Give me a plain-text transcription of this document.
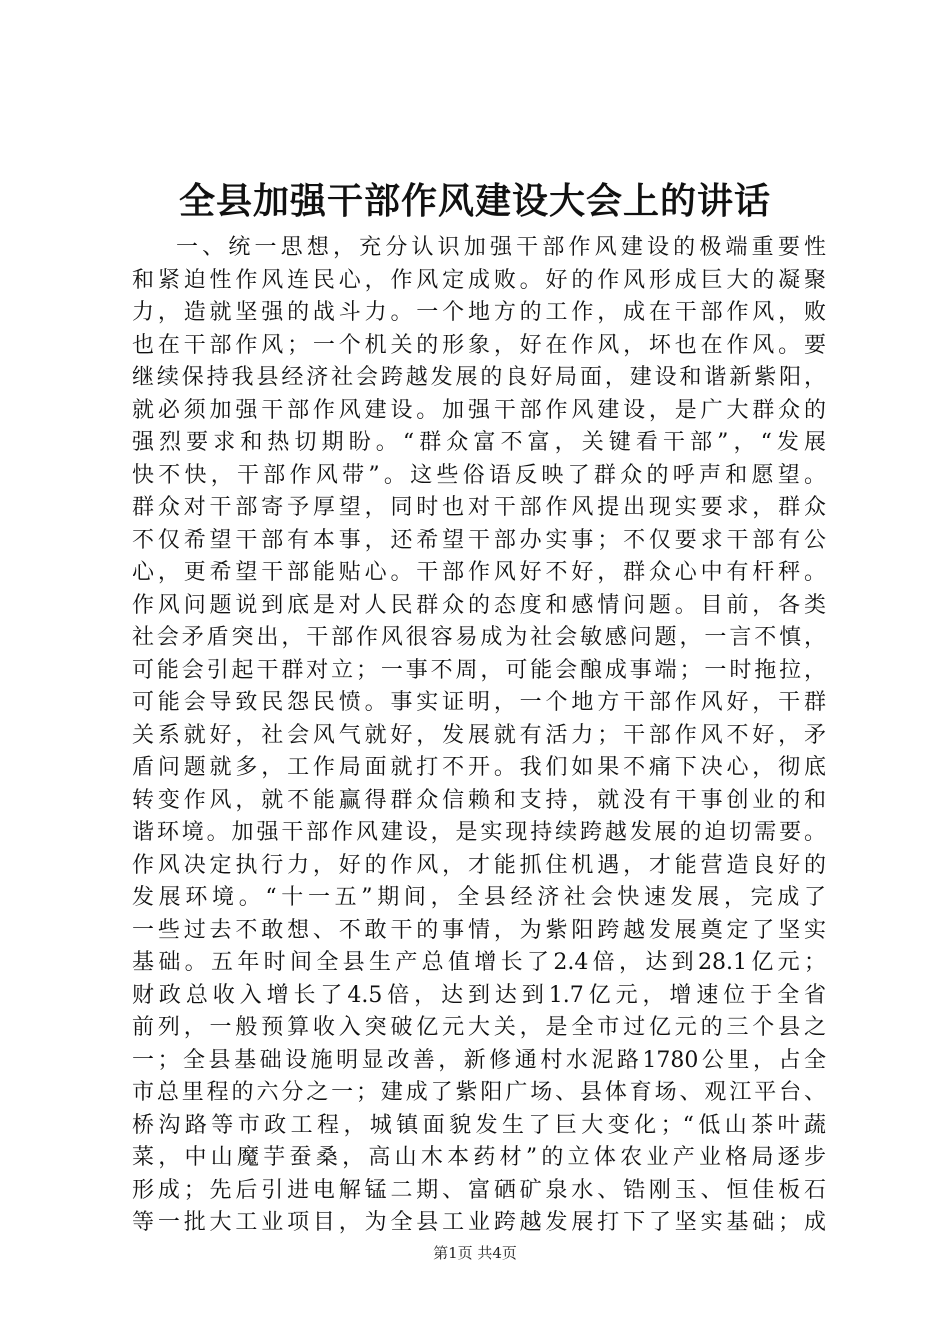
全县加强干部作风建设大会上的讲话
一、统一思想，充分认识加强干部作风建设的极端重要性
和紧迫性作风连民心，作风定成败。好的作风形成巨大的凝聚
力，造就坚强的战斗力。一个地方的工作，成在干部作风，败
也在干部作风；一个机关的形象，好在作风，坏也在作风。要
继续保持我县经济社会跨越发展的良好局面，建设和谐新紫阳，
就必须加强干部作风建设。加强干部作风建设，是广大群众的
强烈要求和热切期盼。“群众富不富，关键看干部”，“发展
快不快，干部作风带”。这些俗语反映了群众的呼声和愿望。
群众对干部寄予厚望，同时也对干部作风提出现实要求，群众
不仅希望干部有本事，还希望干部办实事；不仅要求干部有公
心，更希望干部能贴心。干部作风好不好，群众心中有杆秤。
作风问题说到底是对人民群众的态度和感情问题。目前，各类
社会矛盾突出，干部作风很容易成为社会敏感问题，一言不慎，
可能会引起干群对立；一事不周，可能会酿成事端；一时拖拉，
可能会导致民怨民愤。事实证明，一个地方干部作风好，干群
关系就好，社会风气就好，发展就有活力；干部作风不好，矛
盾问题就多，工作局面就打不开。我们如果不痛下决心，彻底
转变作风，就不能赢得群众信赖和支持，就没有干事创业的和
谐环境。加强干部作风建设，是实现持续跨越发展的迫切需要。
作风决定执行力，好的作风，才能抓住机遇，才能营造良好的
发展环境。“十一五”期间，全县经济社会快速发展，完成了
一些过去不敢想、不敢干的事情，为紫阳跨越发展奠定了坚实
基础。五年时间全县生产总值增长了2.4倍，达到28.1亿元；
财政总收入增长了4.5倍，达到达到1.7亿元，增速位于全省
前列，一般预算收入突破亿元大关，是全市过亿元的三个县之
一；全县基础设施明显改善，新修通村水泥路1780公里，占全
市总里程的六分之一；建成了紫阳广场、县体育场、观江平台、
桥沟路等市政工程，城镇面貌发生了巨大变化；“低山茶叶蔬
菜，中山魔芋蚕桑，高山木本药材”的立体农业产业格局逐步
形成；先后引进电解锰二期、富硒矿泉水、锆刚玉、恒佳板石
等一批大工业项目，为全县工业跨越发展打下了坚实基础；成
第1页 共4页
